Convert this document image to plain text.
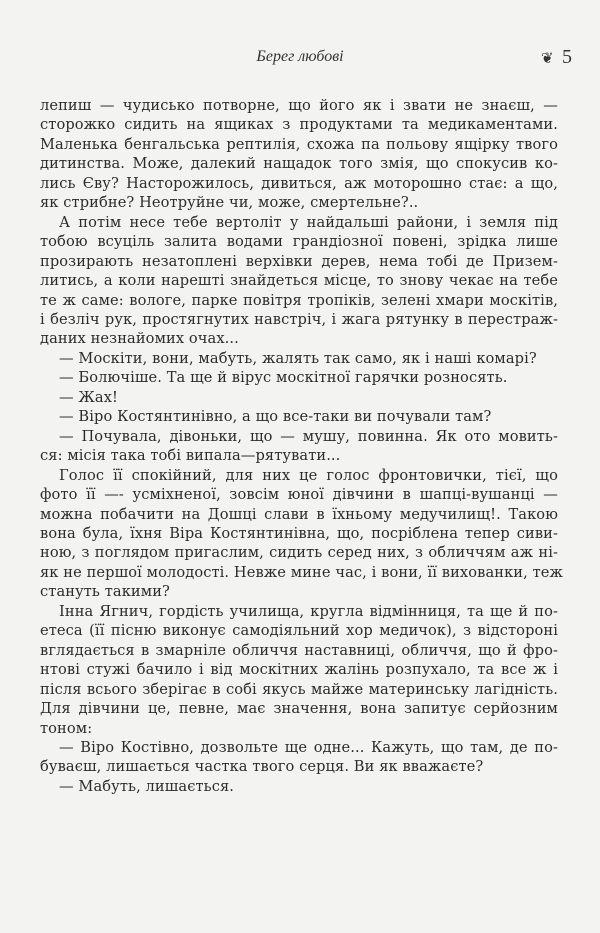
Берег любові	❦ 5
лепиш — чудисько потворне, що його як і звати не знаєш, —
сторожко сидить на ящиках з продуктами та медикаментами.
Маленька бенгальська рептилія, схожа па польову ящірку твого
дитинства. Може, далекий нащадок того змія, що спокусив ко-
лись Єву? Насторожилось, дивиться, аж моторошно стає: а що,
як стрибне? Неотруйне чи, може, смертельне?..
А потім несе тебе вертоліт у найдальші райони, і земля під
тобою всуціль залита водами грандіозної повені, зрідка лише
прозирають незатоплені верхівки дерев, нема тобі де Призем-
литись, а коли нарешті знайдеться місце, то знову чекає на тебе
те ж саме: вологе, парке повітря тропіків, зелені хмари москітів,
і безліч рук, простягнутих навстріч, і жага рятунку в перестраж-
даних незнайомих очах...
— Москіти, вони, мабуть, жалять так само, як і наші комарі?
— Болючіше. Та ще й вірус москітної гарячки розносять.
— Жах!
— Віро Костянтинівно, а що все-таки ви почували там?
— Почувала, дівоньки, що — мушу, повинна. Як ото мовить-
ся: місія така тобі випала—рятувати...
Голос її спокійний, для них це голос фронтовички, тієї, що
фото її —- усміхненої, зовсім юної дівчини в шапці-вушанці —
можна побачити на Дошці слави в їхньому медучилищ!. Такою
вона була, їхня Віра Костянтинівна, що, посріблена тепер сиви-
ною, з поглядом пригаслим, сидить серед них, з обличчям аж ні-
як не першої молодості. Невже мине час, і вони, її вихованки, теж
стануть такими?
Інна Ягнич, гордість училища, кругла відмінниця, та ще й по-
етеса (її пісню виконує самодіяльний хор медичок), з відстороні
вглядається в змарніле обличчя наставниці, обличчя, що й фро-
нтові стужі бачило і від москітних жалінь розпухало, та все ж і
після всього зберігає в собі якусь майже материнську лагідність.
Для дівчини це, певне, має значення, вона запитує серйозним
тоном:
— Віро Костівно, дозвольте ще одне... Кажуть, що там, де по-
буваєш, лишається частка твого серця. Ви як вважаєте?
— Мабуть, лишається.
